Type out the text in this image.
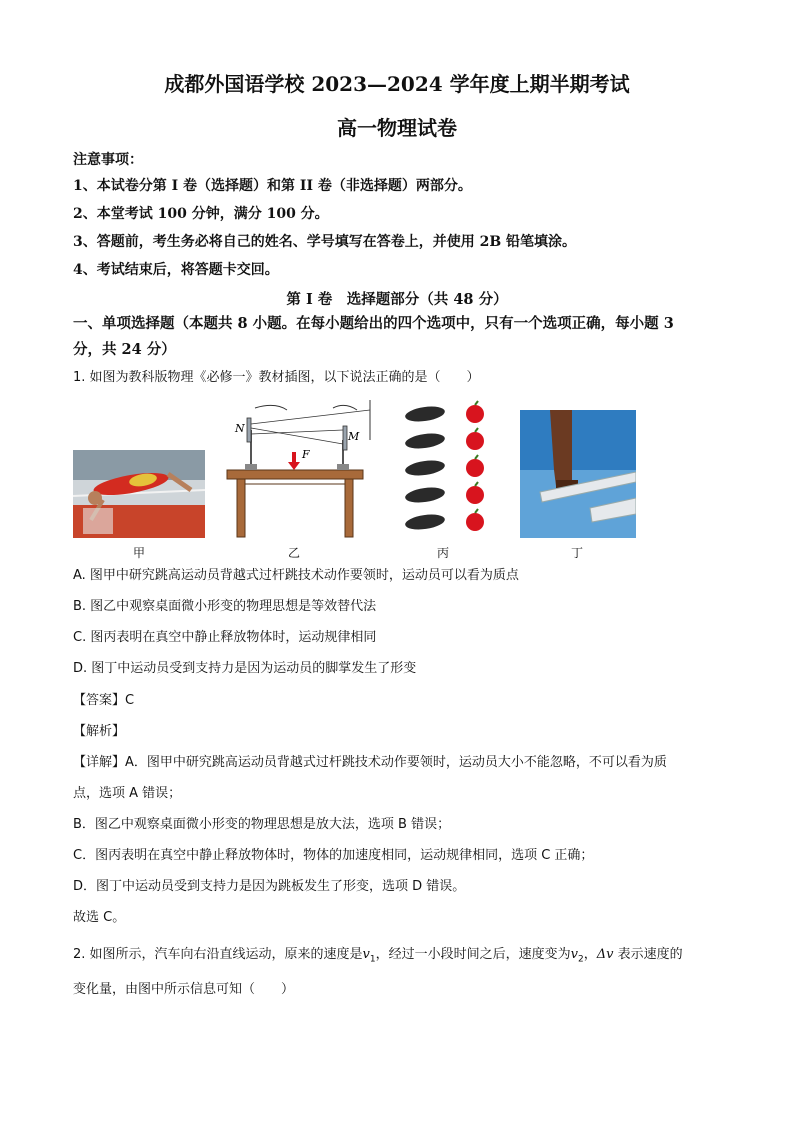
成都外国语学校 2023—2024 学年度上期半期考试
高一物理试卷
注意事项：
1、本试卷分第 I 卷（选择题）和第 II 卷（非选择题）两部分。
2、本堂考试 100 分钟，满分 100 分。
3、答题前，考生务必将自己的姓名、学号填写在答卷上，并使用 2B 铅笔填涂。
4、考试结束后，将答题卡交回。
第 I 卷　选择题部分（共 48 分）
一、单项选择题（本题共 8 小题。在每小题给出的四个选项中，只有一个选项正确，每小题 3
分，共 24 分）
1. 如图为教科版物理《必修一》教材插图，以下说法正确的是（　　）
N
M
F
甲	乙	丙	丁
A. 图甲中研究跳高运动员背越式过杆跳技术动作要领时，运动员可以看为质点
B. 图乙中观察桌面微小形变的物理思想是等效替代法
C. 图丙表明在真空中静止释放物体时，运动规律相同
D. 图丁中运动员受到支持力是因为运动员的脚掌发生了形变
【答案】C
【解析】
【详解】A．图甲中研究跳高运动员背越式过杆跳技术动作要领时，运动员大小不能忽略，不可以看为质
点，选项 A 错误；
B．图乙中观察桌面微小形变的物理思想是放大法，选项 B 错误；
C．图丙表明在真空中静止释放物体时，物体的加速度相同，运动规律相同，选项 C 正确；
D．图丁中运动员受到支持力是因为跳板发生了形变，选项 D 错误。
故选 C。
2. 如图所示，汽车向右沿直线运动，原来的速度是$v_1$，经过一小段时间之后，速度变为$v_2$，Δv 表示速度的
变化量，由图中所示信息可知（　　）
